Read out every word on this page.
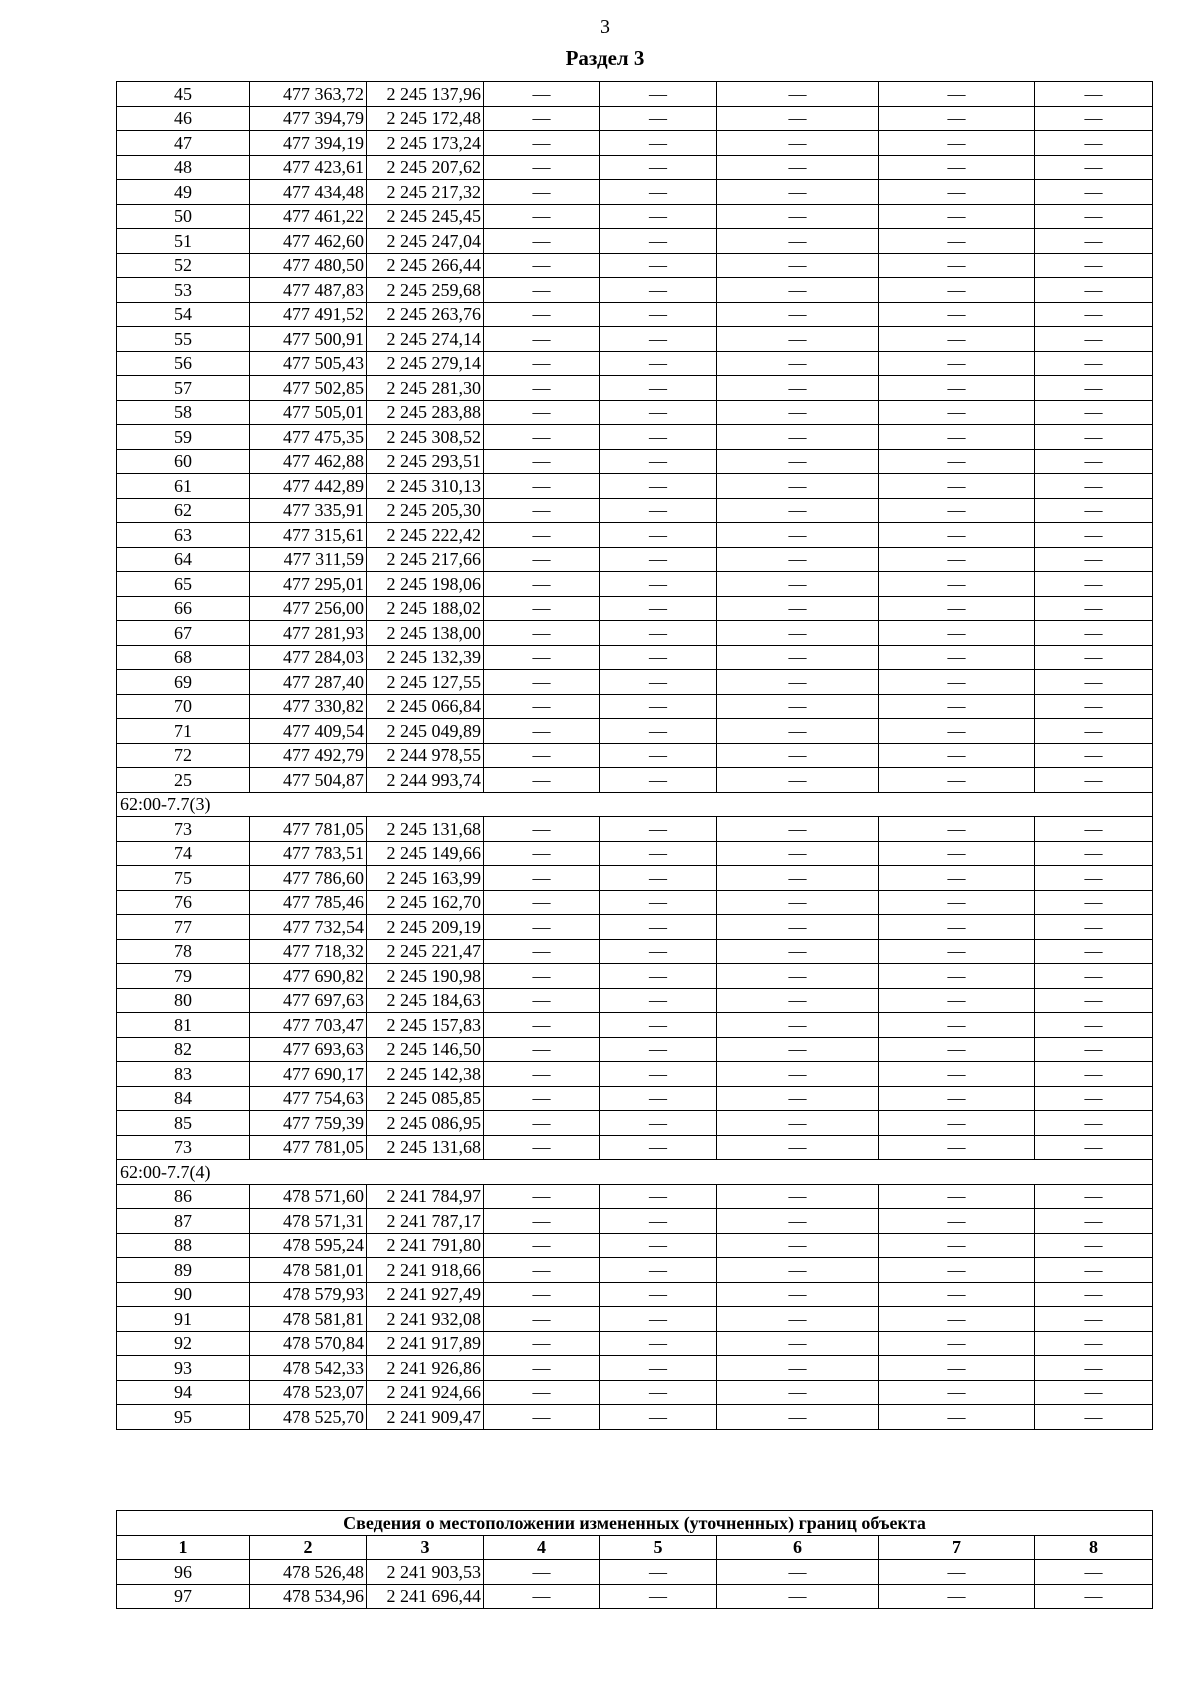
3
Раздел 3
45	477 363,72	2 245 137,96	—	—	—	—	—
46	477 394,79	2 245 172,48	—	—	—	—	—
47	477 394,19	2 245 173,24	—	—	—	—	—
48	477 423,61	2 245 207,62	—	—	—	—	—
49	477 434,48	2 245 217,32	—	—	—	—	—
50	477 461,22	2 245 245,45	—	—	—	—	—
51	477 462,60	2 245 247,04	—	—	—	—	—
52	477 480,50	2 245 266,44	—	—	—	—	—
53	477 487,83	2 245 259,68	—	—	—	—	—
54	477 491,52	2 245 263,76	—	—	—	—	—
55	477 500,91	2 245 274,14	—	—	—	—	—
56	477 505,43	2 245 279,14	—	—	—	—	—
57	477 502,85	2 245 281,30	—	—	—	—	—
58	477 505,01	2 245 283,88	—	—	—	—	—
59	477 475,35	2 245 308,52	—	—	—	—	—
60	477 462,88	2 245 293,51	—	—	—	—	—
61	477 442,89	2 245 310,13	—	—	—	—	—
62	477 335,91	2 245 205,30	—	—	—	—	—
63	477 315,61	2 245 222,42	—	—	—	—	—
64	477 311,59	2 245 217,66	—	—	—	—	—
65	477 295,01	2 245 198,06	—	—	—	—	—
66	477 256,00	2 245 188,02	—	—	—	—	—
67	477 281,93	2 245 138,00	—	—	—	—	—
68	477 284,03	2 245 132,39	—	—	—	—	—
69	477 287,40	2 245 127,55	—	—	—	—	—
70	477 330,82	2 245 066,84	—	—	—	—	—
71	477 409,54	2 245 049,89	—	—	—	—	—
72	477 492,79	2 244 978,55	—	—	—	—	—
25	477 504,87	2 244 993,74	—	—	—	—	—
62:00-7.7(3)							
73	477 781,05	2 245 131,68	—	—	—	—	—
74	477 783,51	2 245 149,66	—	—	—	—	—
75	477 786,60	2 245 163,99	—	—	—	—	—
76	477 785,46	2 245 162,70	—	—	—	—	—
77	477 732,54	2 245 209,19	—	—	—	—	—
78	477 718,32	2 245 221,47	—	—	—	—	—
79	477 690,82	2 245 190,98	—	—	—	—	—
80	477 697,63	2 245 184,63	—	—	—	—	—
81	477 703,47	2 245 157,83	—	—	—	—	—
82	477 693,63	2 245 146,50	—	—	—	—	—
83	477 690,17	2 245 142,38	—	—	—	—	—
84	477 754,63	2 245 085,85	—	—	—	—	—
85	477 759,39	2 245 086,95	—	—	—	—	—
73	477 781,05	2 245 131,68	—	—	—	—	—
62:00-7.7(4)							
86	478 571,60	2 241 784,97	—	—	—	—	—
87	478 571,31	2 241 787,17	—	—	—	—	—
88	478 595,24	2 241 791,80	—	—	—	—	—
89	478 581,01	2 241 918,66	—	—	—	—	—
90	478 579,93	2 241 927,49	—	—	—	—	—
91	478 581,81	2 241 932,08	—	—	—	—	—
92	478 570,84	2 241 917,89	—	—	—	—	—
93	478 542,33	2 241 926,86	—	—	—	—	—
94	478 523,07	2 241 924,66	—	—	—	—	—
95	478 525,70	2 241 909,47	—	—	—	—	—
Сведения о местоположении измененных (уточненных) границ объекта							
1	2	3	4	5	6	7	8
96	478 526,48	2 241 903,53	—	—	—	—	—
97	478 534,96	2 241 696,44	—	—	—	—	—
